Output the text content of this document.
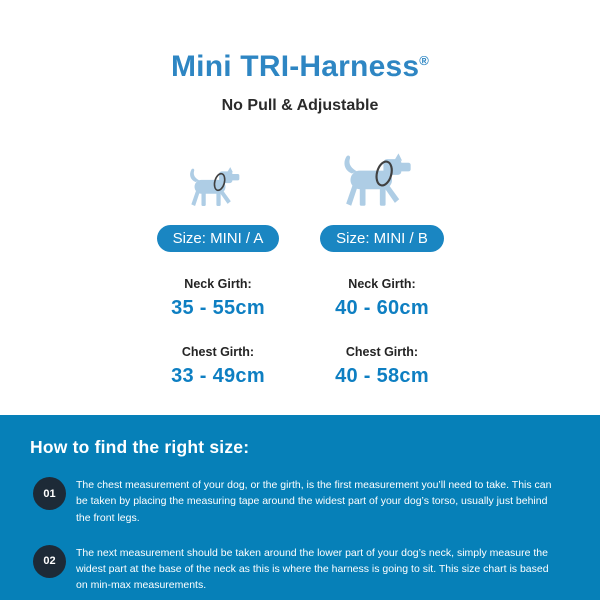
Mini TRI-Harness®
No Pull & Adjustable
Size: MINI / A
Neck Girth:
35 - 55cm
Chest Girth:
33 - 49cm
Size: MINI / B
Neck Girth:
40 - 60cm
Chest Girth:
40 - 58cm
How to find the right size:
01

The chest measurement of your dog, or the girth, is the first measurement you’ll need to take. This can be taken by placing the measuring tape around the widest part of your dog’s torso, usually just behind the front legs.

02

The next measurement should be taken around the lower part of your dog’s neck, simply measure the widest part at the base of the neck as this is where the harness is going to sit. This size chart is based on min-max measurements.
